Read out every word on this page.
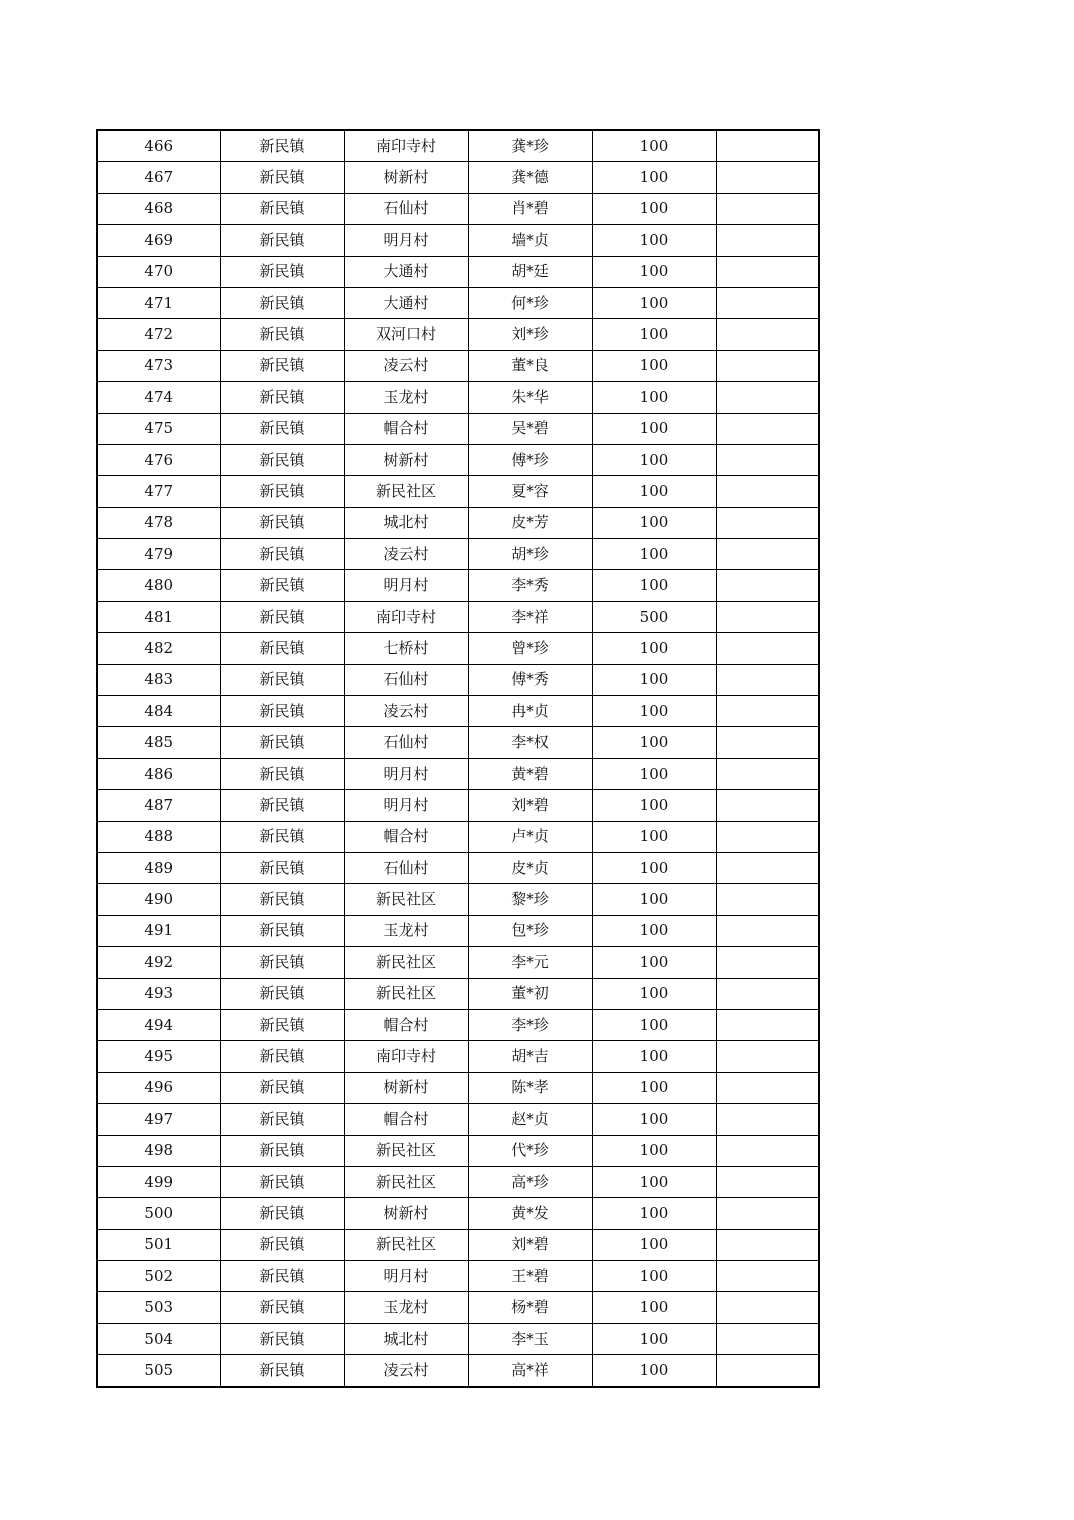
466	新民镇	南印寺村	龚*珍	100	
467	新民镇	树新村	龚*德	100	
468	新民镇	石仙村	肖*碧	100	
469	新民镇	明月村	墙*贞	100	
470	新民镇	大通村	胡*廷	100	
471	新民镇	大通村	何*珍	100	
472	新民镇	双河口村	刘*珍	100	
473	新民镇	凌云村	董*良	100	
474	新民镇	玉龙村	朱*华	100	
475	新民镇	帽合村	吴*碧	100	
476	新民镇	树新村	傅*珍	100	
477	新民镇	新民社区	夏*容	100	
478	新民镇	城北村	皮*芳	100	
479	新民镇	凌云村	胡*珍	100	
480	新民镇	明月村	李*秀	100	
481	新民镇	南印寺村	李*祥	500	
482	新民镇	七桥村	曾*珍	100	
483	新民镇	石仙村	傅*秀	100	
484	新民镇	凌云村	冉*贞	100	
485	新民镇	石仙村	李*权	100	
486	新民镇	明月村	黄*碧	100	
487	新民镇	明月村	刘*碧	100	
488	新民镇	帽合村	卢*贞	100	
489	新民镇	石仙村	皮*贞	100	
490	新民镇	新民社区	黎*珍	100	
491	新民镇	玉龙村	包*珍	100	
492	新民镇	新民社区	李*元	100	
493	新民镇	新民社区	董*初	100	
494	新民镇	帽合村	李*珍	100	
495	新民镇	南印寺村	胡*吉	100	
496	新民镇	树新村	陈*孝	100	
497	新民镇	帽合村	赵*贞	100	
498	新民镇	新民社区	代*珍	100	
499	新民镇	新民社区	高*珍	100	
500	新民镇	树新村	黄*发	100	
501	新民镇	新民社区	刘*碧	100	
502	新民镇	明月村	王*碧	100	
503	新民镇	玉龙村	杨*碧	100	
504	新民镇	城北村	李*玉	100	
505	新民镇	凌云村	高*祥	100	
